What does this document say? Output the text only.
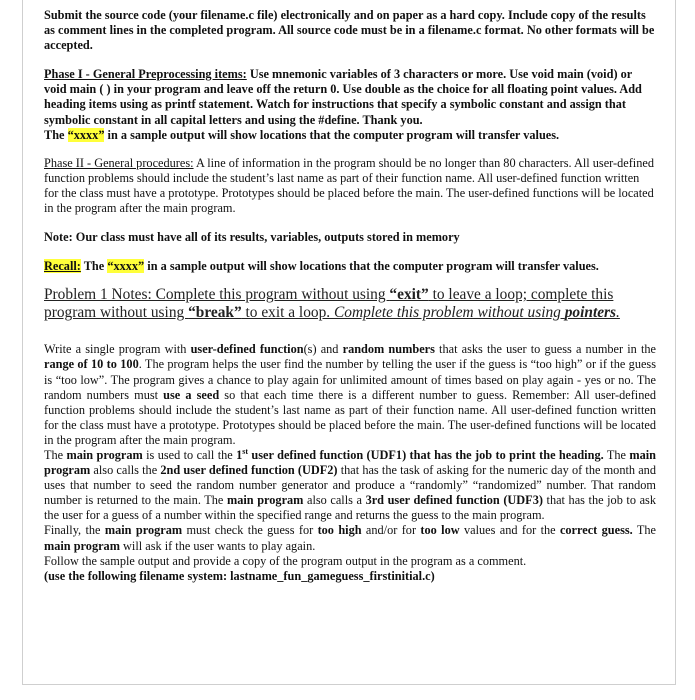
Submit the source code (your filename.c file) electronically and on paper as a hard copy. Include copy of the results as comment lines in the completed program. All source code must be in a filename.c format. No other formats will be accepted.

Phase I - General Preprocessing items: Use mnemonic variables of 3 characters or more. Use void main (void) or void main ( ) in your program and leave off the return 0. Use double as the choice for all floating point values. Add heading items using as printf statement. Watch for instructions that specify a symbolic constant and assign that symbolic constant in all capital letters and using the #define. Thank you.
The “xxxx” in a sample output will show locations that the computer program will transfer values.

Phase II - General procedures: A line of information in the program should be no longer than 80 characters. All user-defined function problems should include the student’s last name as part of their function name. All user-defined function written for the class must have a prototype. Prototypes should be placed before the main. The user-defined functions will be located in the program after the main program.

Note: Our class must have all of its results, variables, outputs stored in memory

Recall: The “xxxx” in a sample output will show locations that the computer program will transfer values.

Problem 1 Notes: Complete this program without using “exit” to leave a loop; complete this program without using “break” to exit a loop. Complete this problem without using pointers.

Write a single program with user-defined function(s) and random numbers that asks the user to guess a number in the range of 10 to 100. The program helps the user find the number by telling the user if the guess is “too high” or if the guess is “too low”. The program gives a chance to play again for unlimited amount of times based on play again - yes or no. The random numbers must use a seed so that each time there is a different number to guess. Remember: All user-defined function problems should include the student’s last name as part of their function name. All user-defined function written for the class must have a prototype. Prototypes should be placed before the main. The user-defined functions will be located in the program after the main program.
The main program is used to call the 1st user defined function (UDF1) that has the job to print the heading. The main program also calls the 2nd user defined function (UDF2) that has the task of asking for the numeric day of the month and uses that number to seed the random number generator and produce a “randomly” “randomized” number. That random number is returned to the main. The main program also calls a 3rd user defined function (UDF3) that has the job to ask the user for a guess of a number within the specified range and returns the guess to the main program.
Finally, the main program must check the guess for too high and/or for too low values and for the correct guess. The main program will ask if the user wants to play again.
Follow the sample output and provide a copy of the program output in the program as a comment.
(use the following filename system: lastname_fun_gameguess_firstinitial.c)
